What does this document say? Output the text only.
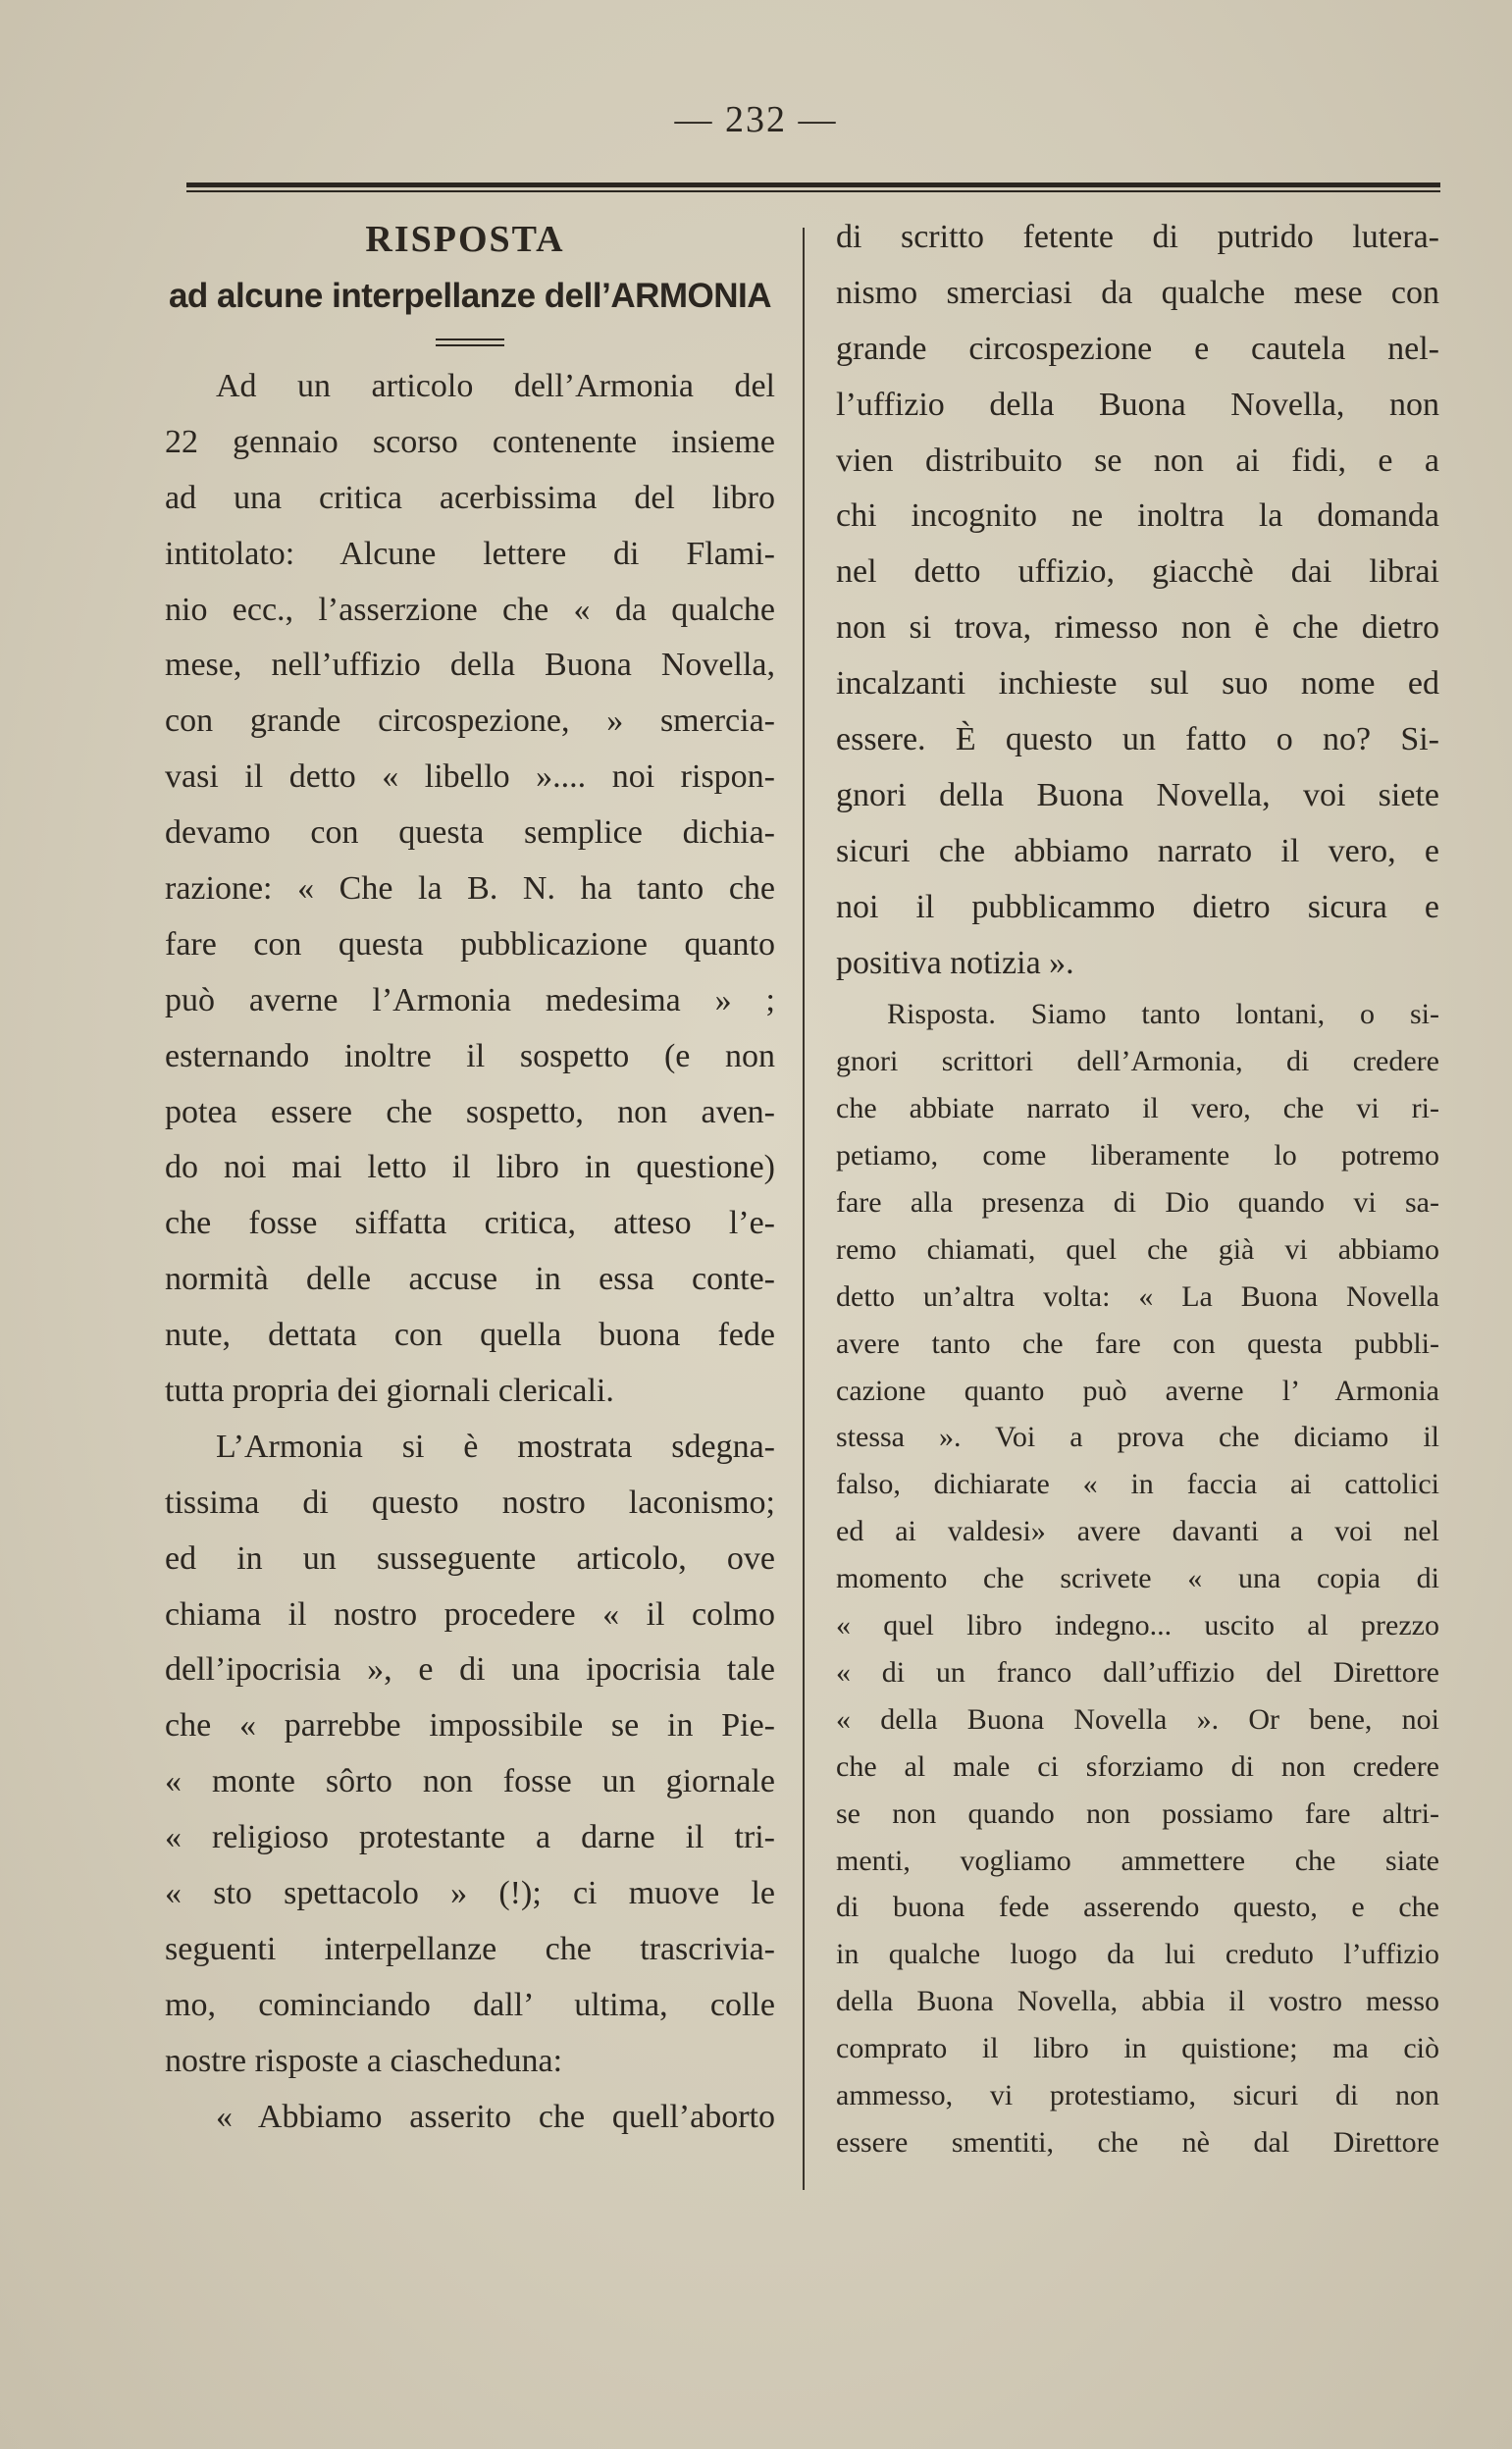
— 232 —
RISPOSTA
ad alcune interpellanze dell’ARMONIA
Ad un articolo dell’Armonia del
22 gennaio scorso contenente insieme
ad una critica acerbissima del libro
intitolato: Alcune lettere di Flami-
nio ecc., l’asserzione che « da qualche
mese, nell’uffizio della Buona Novella,
con grande circospezione, » smercia-
vasi il detto « libello ».... noi rispon-
devamo con questa semplice dichia-
razione: « Che la B. N. ha tanto che
fare con questa pubblicazione quanto
può averne l’Armonia medesima » ;
esternando inoltre il sospetto (e non
potea essere che sospetto, non aven-
do noi mai letto il libro in questione)
che fosse siffatta critica, atteso l’e-
normità delle accuse in essa conte-
nute, dettata con quella buona fede
tutta propria dei giornali clericali.
L’Armonia si è mostrata sdegna-
tissima di questo nostro laconismo;
ed in un susseguente articolo, ove
chiama il nostro procedere « il colmo
dell’ipocrisia », e di una ipocrisia tale
che « parrebbe impossibile se in Pie-
« monte sôrto non fosse un giornale
« religioso protestante a darne il tri-
« sto spettacolo » (!); ci muove le
seguenti interpellanze che trascrivia-
mo, cominciando dall’ ultima, colle
nostre risposte a ciascheduna:
« Abbiamo asserito che quell’aborto
di scritto fetente di putrido lutera-
nismo smerciasi da qualche mese con
grande circospezione e cautela nel-
l’uffizio della Buona Novella, non
vien distribuito se non ai fidi, e a
chi incognito ne inoltra la domanda
nel detto uffizio, giacchè dai librai
non si trova, rimesso non è che dietro
incalzanti inchieste sul suo nome ed
essere. È questo un fatto o no? Si-
gnori della Buona Novella, voi siete
sicuri che abbiamo narrato il vero, e
noi il pubblicammo dietro sicura e
positiva notizia ».
Risposta. Siamo tanto lontani, o si-
gnori scrittori dell’Armonia, di credere
che abbiate narrato il vero, che vi ri-
petiamo, come liberamente lo potremo
fare alla presenza di Dio quando vi sa-
remo chiamati, quel che già vi abbiamo
detto un’altra volta: « La Buona Novella
avere tanto che fare con questa pubbli-
cazione quanto può averne l’ Armonia
stessa ». Voi a prova che diciamo il
falso, dichiarate « in faccia ai cattolici
ed ai valdesi» avere davanti a voi nel
momento che scrivete « una copia di
« quel libro indegno... uscito al prezzo
« di un franco dall’uffizio del Direttore
« della Buona Novella ». Or bene, noi
che al male ci sforziamo di non credere
se non quando non possiamo fare altri-
menti, vogliamo ammettere che siate
di buona fede asserendo questo, e che
in qualche luogo da lui creduto l’uffizio
della Buona Novella, abbia il vostro messo
comprato il libro in quistione; ma ciò
ammesso, vi protestiamo, sicuri di non
essere smentiti, che nè dal Direttore
